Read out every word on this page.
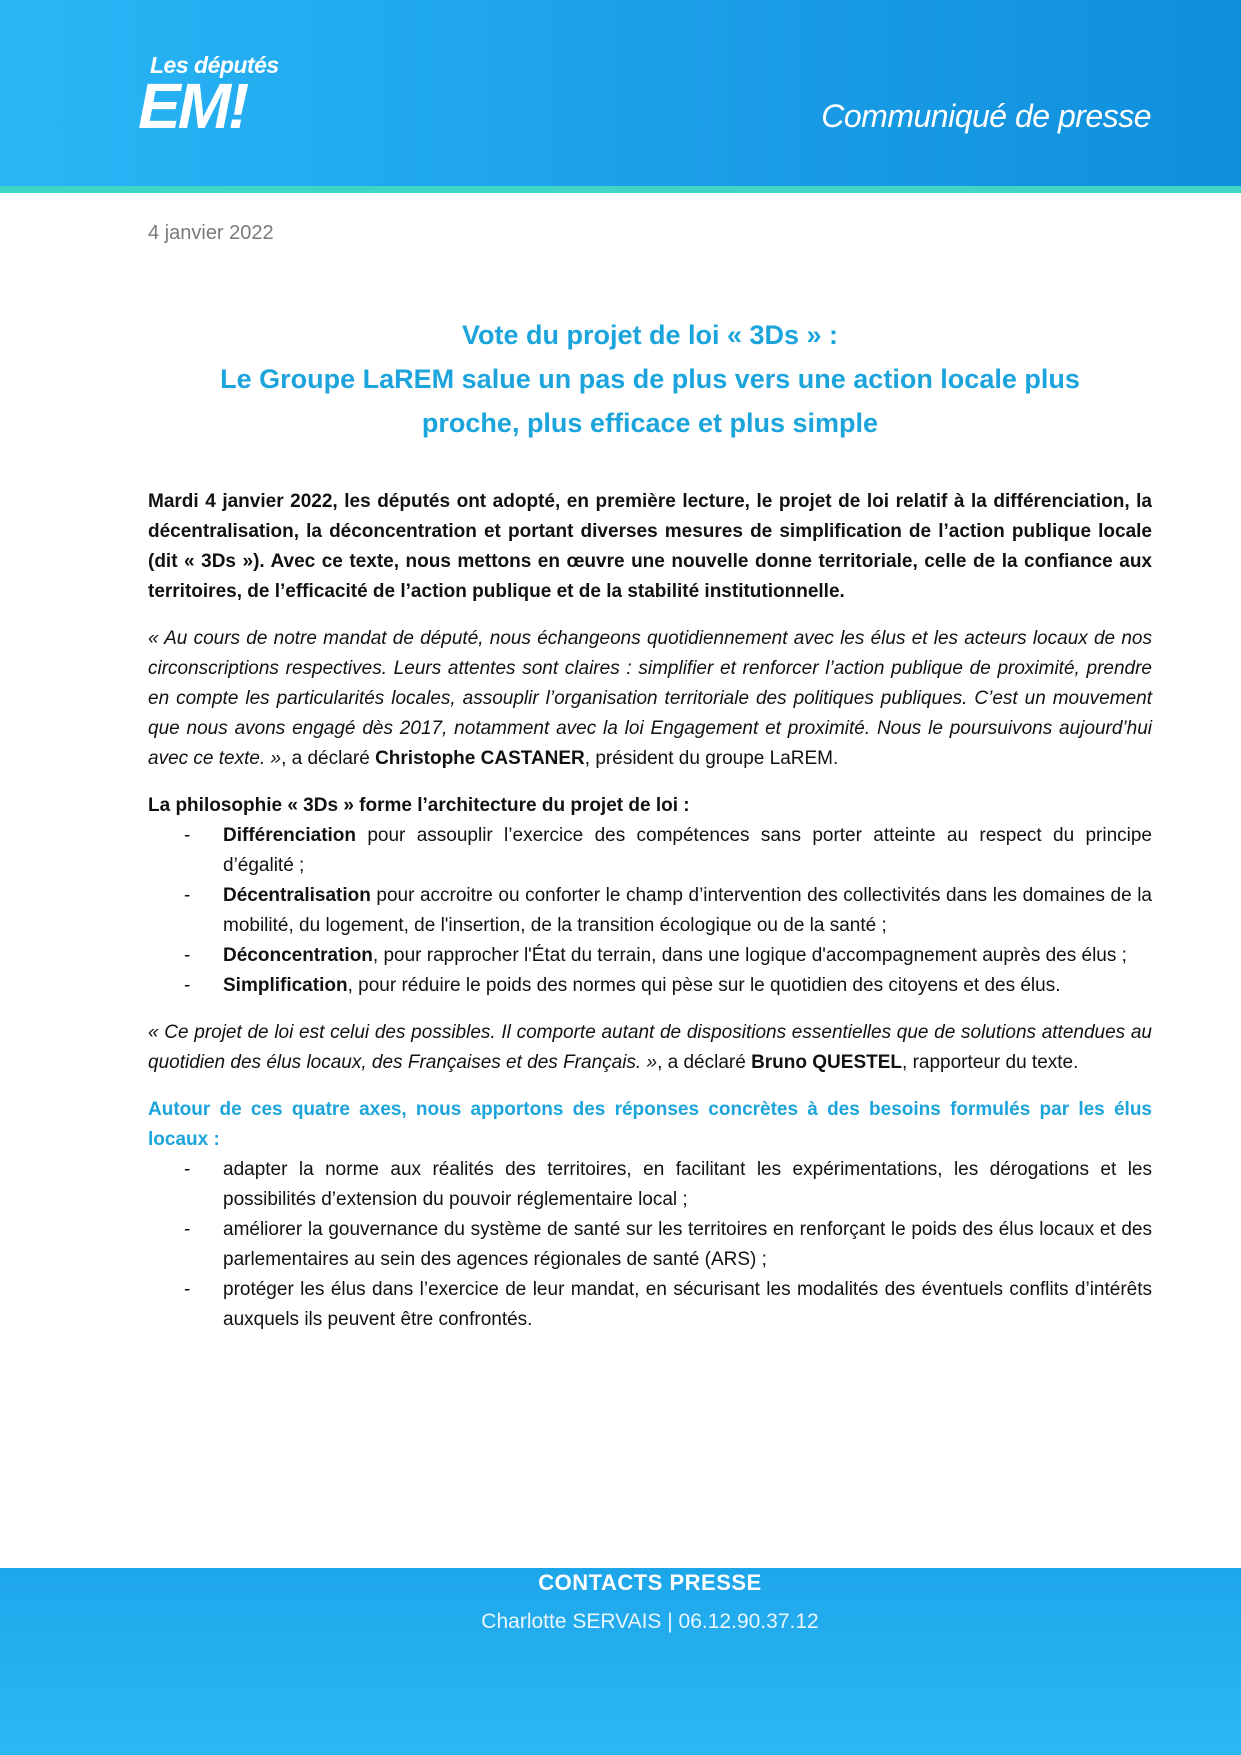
Les députés
EM!	Communiqué de presse
4 janvier 2022
Vote du projet de loi « 3Ds » :
Le Groupe LaREM salue un pas de plus vers une action locale plus
proche, plus efficace et plus simple

Mardi 4 janvier 2022, les députés ont adopté, en première lecture, le projet de loi relatif à la différenciation, la décentralisation, la déconcentration et portant diverses mesures de simplification de l’action publique locale (dit « 3Ds »). Avec ce texte, nous mettons en œuvre une nouvelle donne territoriale, celle de la confiance aux territoires, de l’efficacité de l’action publique et de la stabilité institutionnelle.

« Au cours de notre mandat de député, nous échangeons quotidiennement avec les élus et les acteurs locaux de nos circonscriptions respectives. Leurs attentes sont claires : simplifier et renforcer l’action publique de proximité, prendre en compte les particularités locales, assouplir l’organisation territoriale des politiques publiques. C’est un mouvement que nous avons engagé dès 2017, notamment avec la loi Engagement et proximité. Nous le poursuivons aujourd’hui avec ce texte. », a déclaré Christophe CASTANER, président du groupe LaREM.

La philosophie « 3Ds » forme l’architecture du projet de loi :

- Différenciation pour assouplir l’exercice des compétences sans porter atteinte au respect du principe d’égalité ;
- Décentralisation pour accroitre ou conforter le champ d’intervention des collectivités dans les domaines de la mobilité, du logement, de l'insertion, de la transition écologique ou de la santé ;
- Déconcentration, pour rapprocher l'État du terrain, dans une logique d'accompagnement auprès des élus ;
- Simplification, pour réduire le poids des normes qui pèse sur le quotidien des citoyens et des élus.

« Ce projet de loi est celui des possibles. Il comporte autant de dispositions essentielles que de solutions attendues au quotidien des élus locaux, des Françaises et des Français. », a déclaré Bruno QUESTEL, rapporteur du texte.

Autour de ces quatre axes, nous apportons des réponses concrètes à des besoins formulés par les élus locaux :

- adapter la norme aux réalités des territoires, en facilitant les expérimentations, les dérogations et les possibilités d’extension du pouvoir réglementaire local ;
- améliorer la gouvernance du système de santé sur les territoires en renforçant le poids des élus locaux et des parlementaires au sein des agences régionales de santé (ARS) ;
- protéger les élus dans l’exercice de leur mandat, en sécurisant les modalités des éventuels conflits d’intérêts auxquels ils peuvent être confrontés.
CONTACTS PRESSE
Charlotte SERVAIS | 06.12.90.37.12
